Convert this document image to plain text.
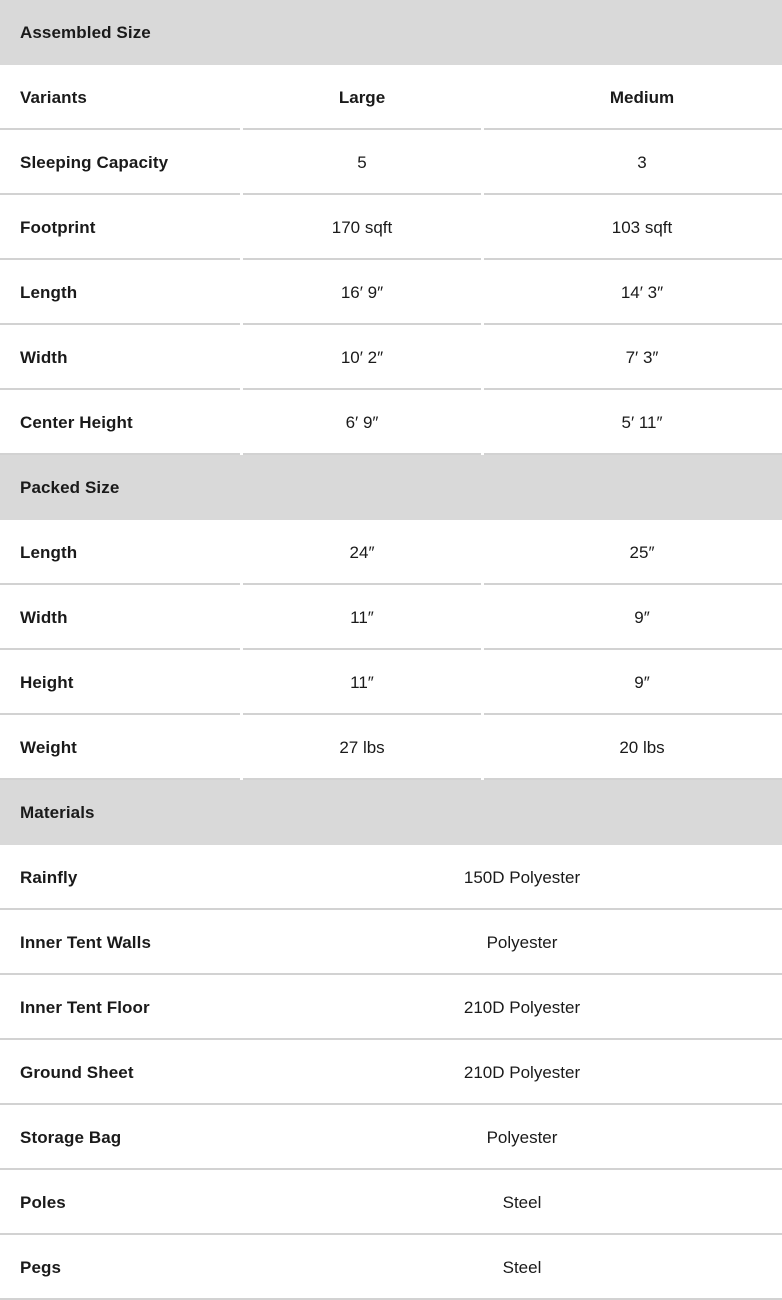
Assembled Size
Variants	Large	Medium
Sleeping Capacity	5	3
Footprint	170 sqft	103 sqft
Length	16′ 9″	14′ 3″
Width	10′ 2″	7′ 3″
Center Height	6′ 9″	5′ 11″
Packed Size
Length	24″	25″
Width	11″	9″
Height	11″	9″
Weight	27 lbs	20 lbs
Materials
Rainfly	150D Polyester
Inner Tent Walls	Polyester
Inner Tent Floor	210D Polyester
Ground Sheet	210D Polyester
Storage Bag	Polyester
Poles	Steel
Pegs	Steel
